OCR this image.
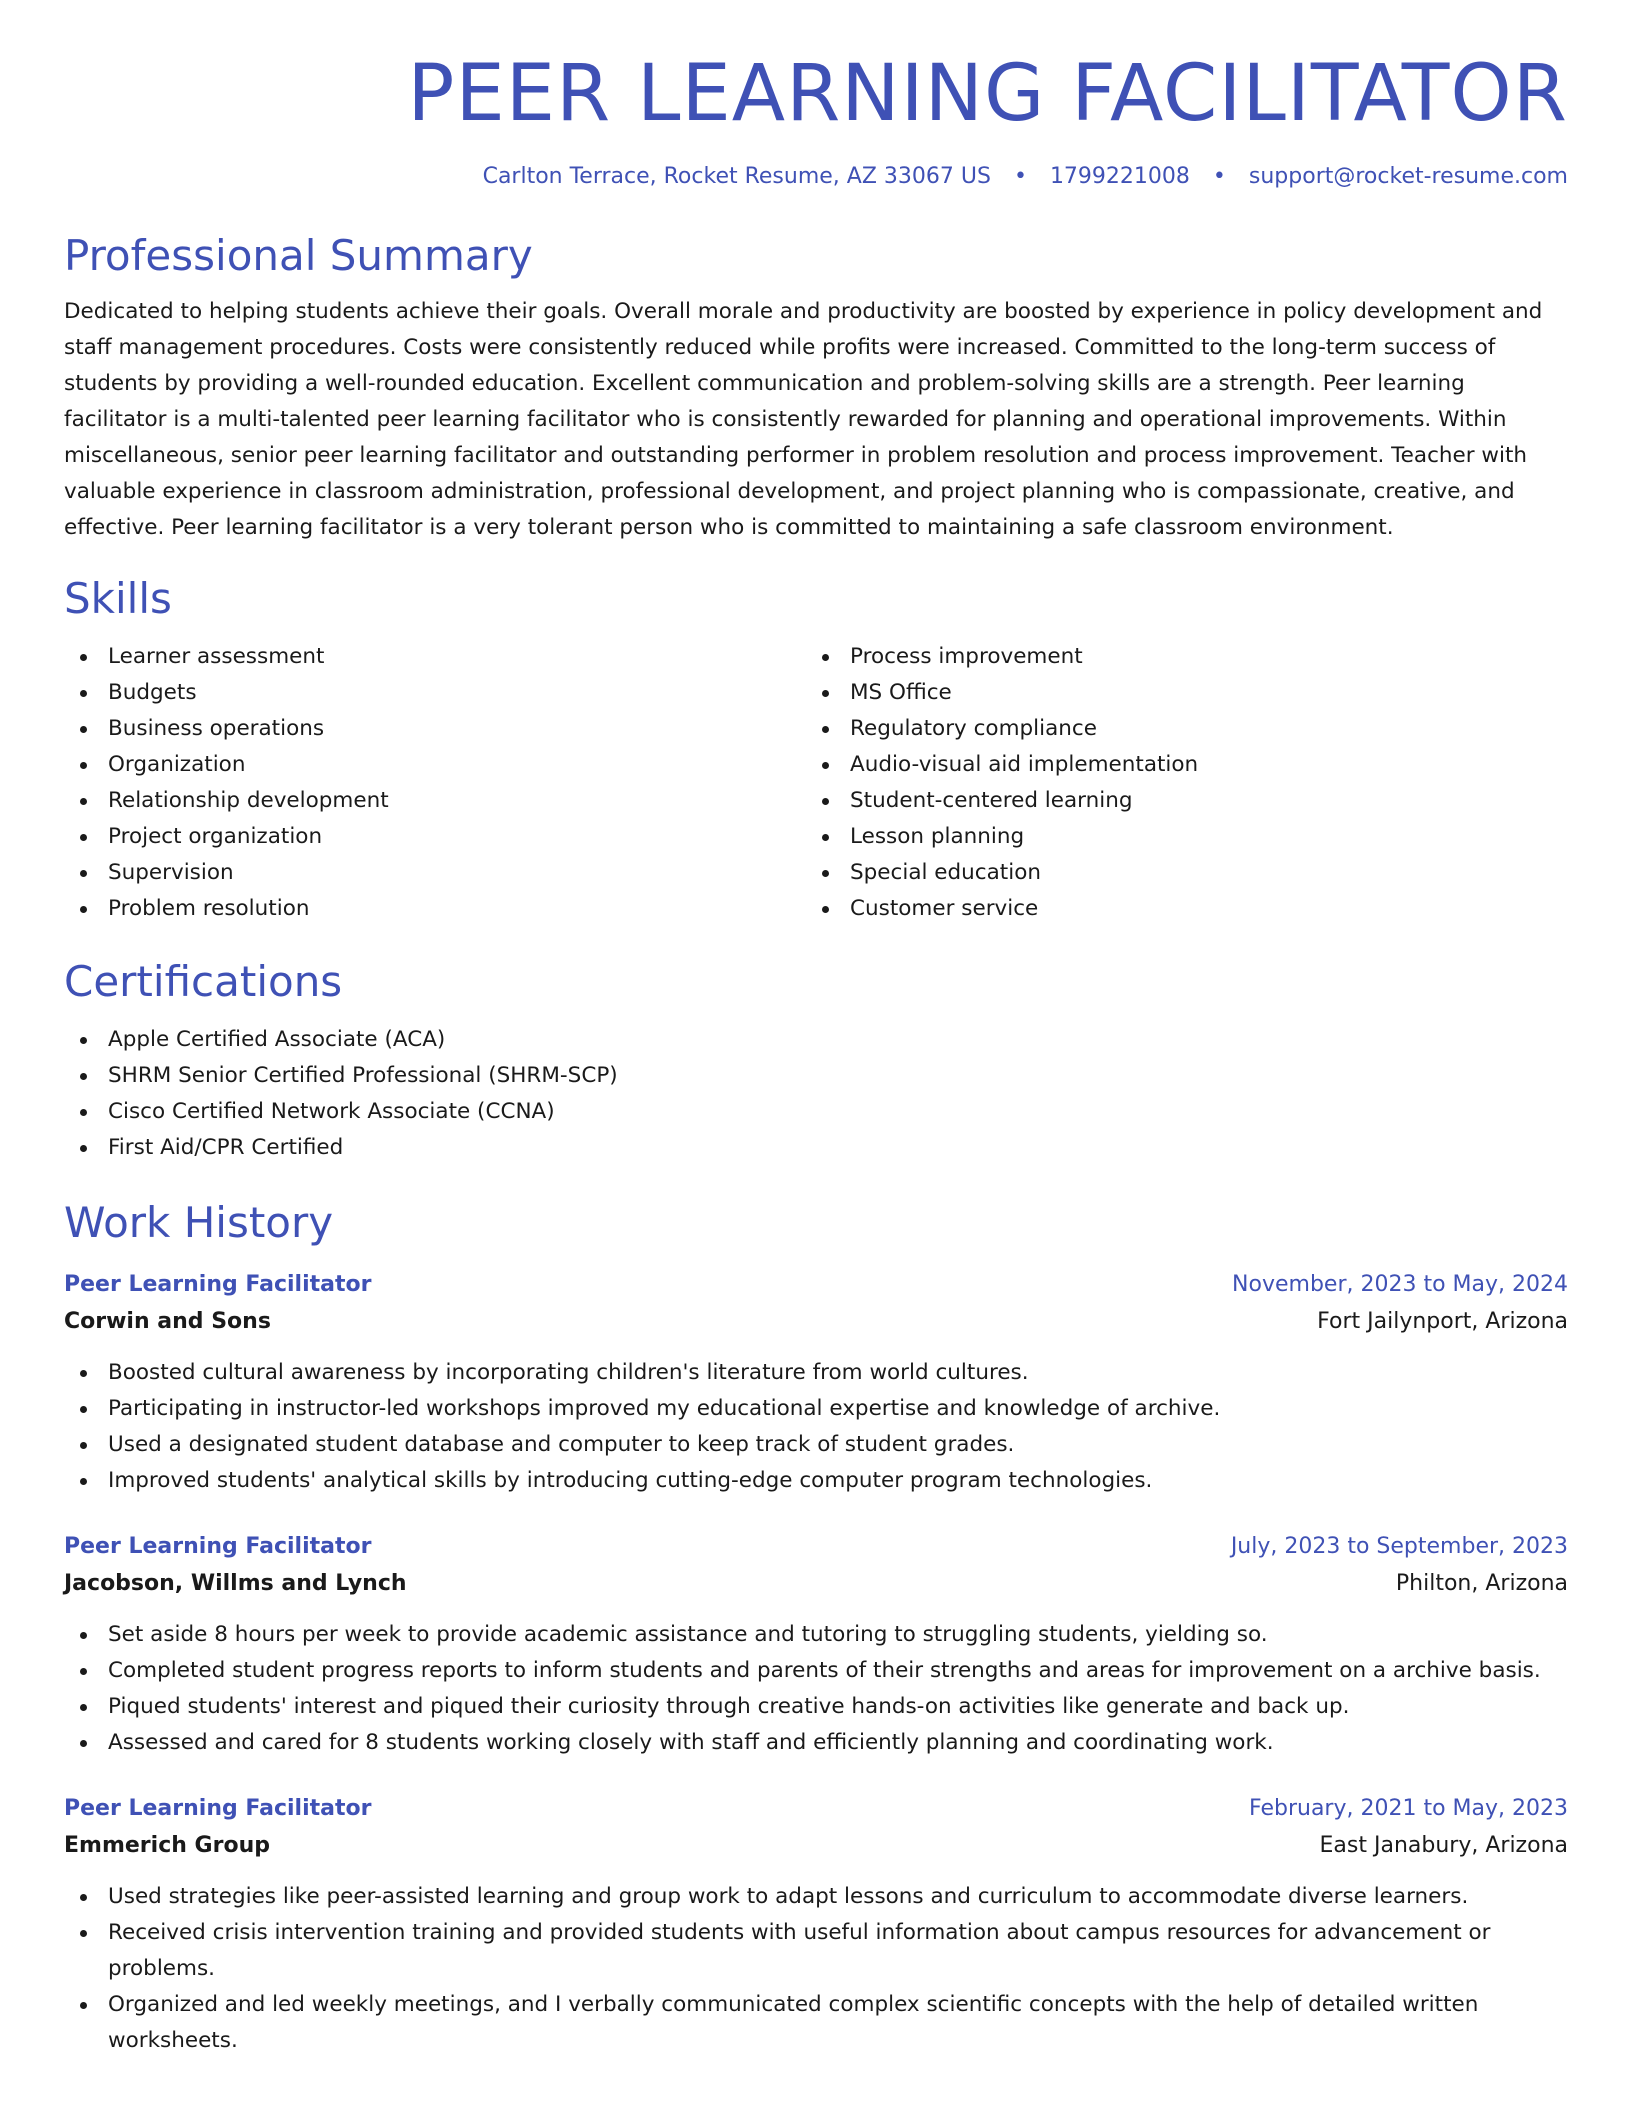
PEER LEARNING FACILITATOR
Carlton Terrace, Rocket Resume, AZ 33067 US • 1799221008 • support@rocket-resume.com
Professional Summary

Dedicated to helping students achieve their goals. Overall morale and productivity are boosted by experience in policy development and staff management procedures. Costs were consistently reduced while profits were increased. Committed to the long-term success of students by providing a well-rounded education. Excellent communication and problem-solving skills are a strength. Peer learning facilitator is a multi-talented peer learning facilitator who is consistently rewarded for planning and operational improvements. Within miscellaneous, senior peer learning facilitator and outstanding performer in problem resolution and process improvement. Teacher with valuable experience in classroom administration, professional development, and project planning who is compassionate, creative, and effective. Peer learning facilitator is a very tolerant person who is committed to maintaining a safe classroom environment.

Skills
Learner assessment
Budgets
Business operations
Organization
Relationship development
Project organization
Supervision
Problem resolution
Process improvement
MS Office
Regulatory compliance
Audio-visual aid implementation
Student-centered learning
Lesson planning
Special education
Customer service
Certifications
Apple Certified Associate (ACA)
SHRM Senior Certified Professional (SHRM-SCP)
Cisco Certified Network Associate (CCNA)
First Aid/CPR Certified
Work History
Peer Learning Facilitator	November, 2023 to May, 2024
Corwin and Sons	Fort Jailynport, Arizona
Boosted cultural awareness by incorporating children's literature from world cultures.
Participating in instructor-led workshops improved my educational expertise and knowledge of archive.
Used a designated student database and computer to keep track of student grades.
Improved students' analytical skills by introducing cutting-edge computer program technologies.
Peer Learning Facilitator	July, 2023 to September, 2023
Jacobson, Willms and Lynch	Philton, Arizona
Set aside 8 hours per week to provide academic assistance and tutoring to struggling students, yielding so.
Completed student progress reports to inform students and parents of their strengths and areas for improvement on a archive basis.
Piqued students' interest and piqued their curiosity through creative hands-on activities like generate and back up.
Assessed and cared for 8 students working closely with staff and efficiently planning and coordinating work.
Peer Learning Facilitator	February, 2021 to May, 2023
Emmerich Group	East Janabury, Arizona
Used strategies like peer-assisted learning and group work to adapt lessons and curriculum to accommodate diverse learners.
Received crisis intervention training and provided students with useful information about campus resources for advancement or problems.
Organized and led weekly meetings, and I verbally communicated complex scientific concepts with the help of detailed written worksheets.
